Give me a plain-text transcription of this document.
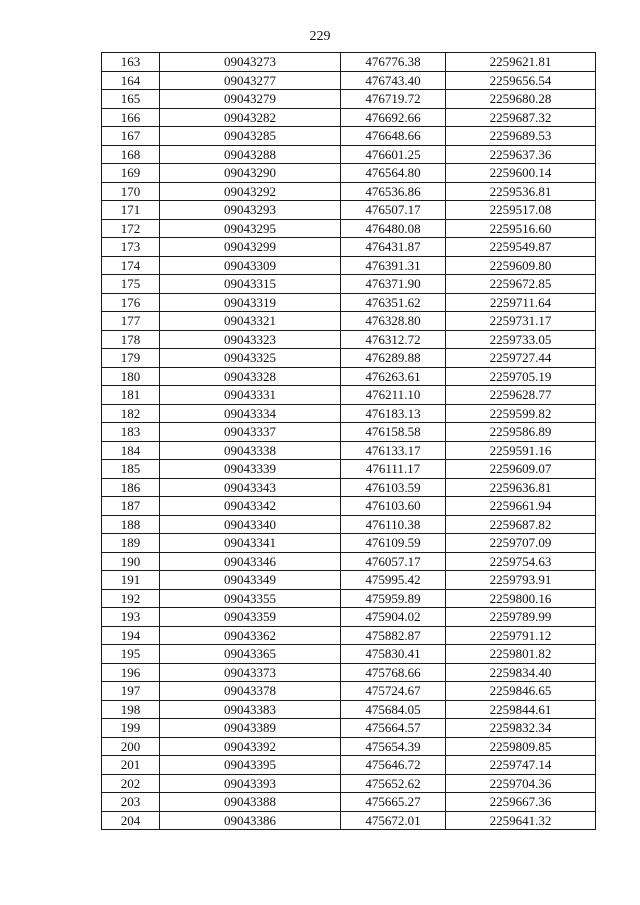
229
163	09043273	476776.38	2259621.81
164	09043277	476743.40	2259656.54
165	09043279	476719.72	2259680.28
166	09043282	476692.66	2259687.32
167	09043285	476648.66	2259689.53
168	09043288	476601.25	2259637.36
169	09043290	476564.80	2259600.14
170	09043292	476536.86	2259536.81
171	09043293	476507.17	2259517.08
172	09043295	476480.08	2259516.60
173	09043299	476431.87	2259549.87
174	09043309	476391.31	2259609.80
175	09043315	476371.90	2259672.85
176	09043319	476351.62	2259711.64
177	09043321	476328.80	2259731.17
178	09043323	476312.72	2259733.05
179	09043325	476289.88	2259727.44
180	09043328	476263.61	2259705.19
181	09043331	476211.10	2259628.77
182	09043334	476183.13	2259599.82
183	09043337	476158.58	2259586.89
184	09043338	476133.17	2259591.16
185	09043339	476111.17	2259609.07
186	09043343	476103.59	2259636.81
187	09043342	476103.60	2259661.94
188	09043340	476110.38	2259687.82
189	09043341	476109.59	2259707.09
190	09043346	476057.17	2259754.63
191	09043349	475995.42	2259793.91
192	09043355	475959.89	2259800.16
193	09043359	475904.02	2259789.99
194	09043362	475882.87	2259791.12
195	09043365	475830.41	2259801.82
196	09043373	475768.66	2259834.40
197	09043378	475724.67	2259846.65
198	09043383	475684.05	2259844.61
199	09043389	475664.57	2259832.34
200	09043392	475654.39	2259809.85
201	09043395	475646.72	2259747.14
202	09043393	475652.62	2259704.36
203	09043388	475665.27	2259667.36
204	09043386	475672.01	2259641.32
